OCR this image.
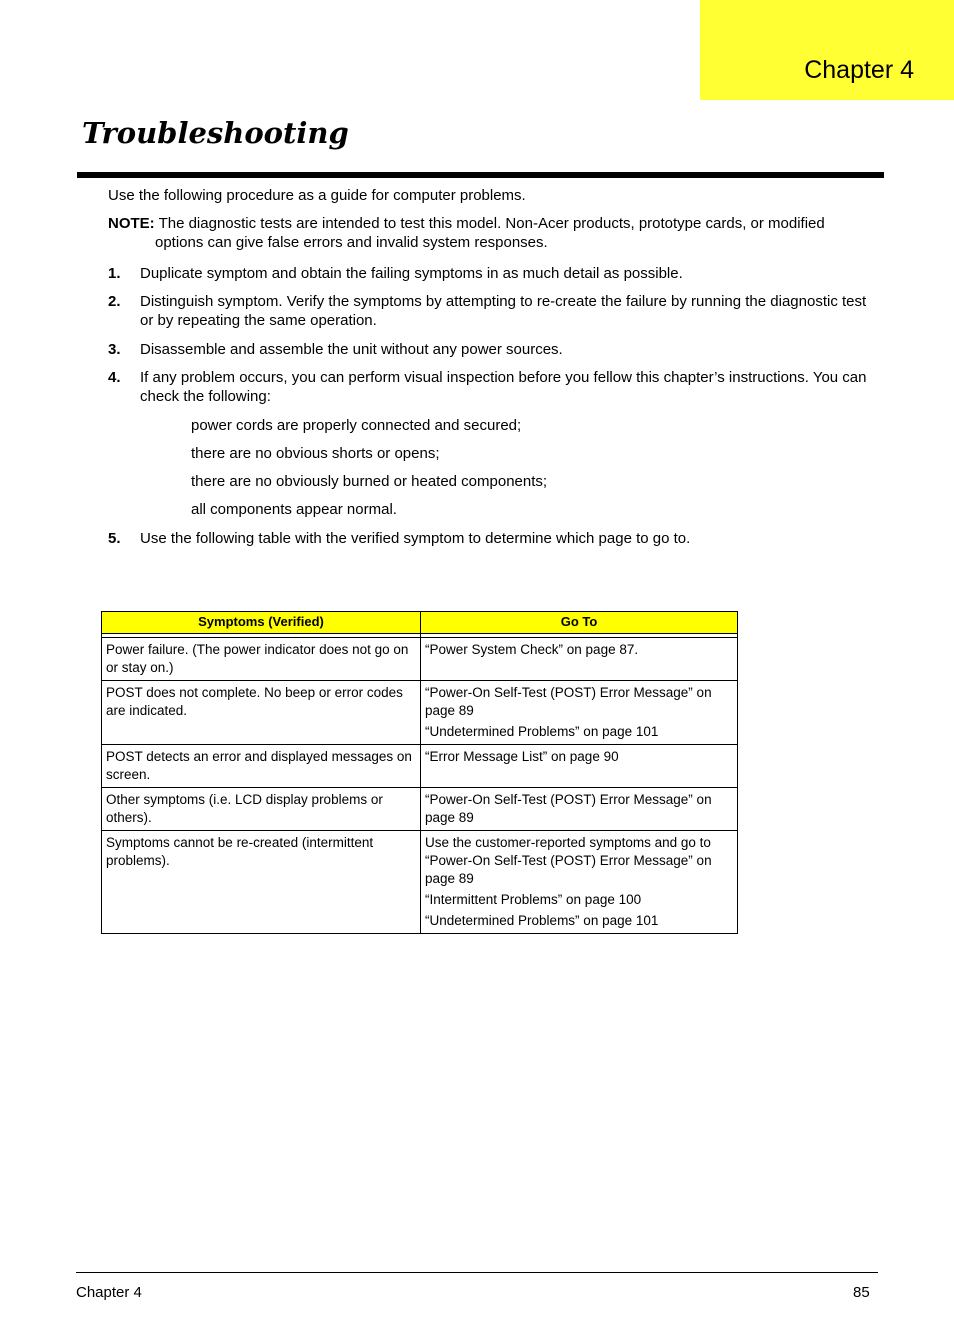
Chapter 4
Troubleshooting

Use the following procedure as a guide for computer problems.

NOTE: The diagnostic tests are intended to test this model. Non-Acer products, prototype cards, or modified
options can give false errors and invalid system responses.

1.	Duplicate symptom and obtain the failing symptoms in as much detail as possible.
2.	Distinguish symptom. Verify the symptoms by attempting to re-create the failure by running the diagnostic test or by repeating the same operation.
3.	Disassemble and assemble the unit without any power sources.
4.	If any problem occurs, you can perform visual inspection before you fellow this chapter’s instructions. You can check the following:
power cords are properly connected and secured;
there are no obvious shorts or opens;
there are no obviously burned or heated components;
all components appear normal.
5.	Use the following table with the verified symptom to determine which page to go to.
Symptoms (Verified)	Go To

Power failure. (The power indicator does not go on or stay on.)	“Power System Check” on page 87.

POST does not complete. No beep or error codes are indicated.	“Power-On Self-Test (POST) Error Message” on page 89
“Undetermined Problems” on page 101

POST detects an error and displayed messages on screen.	“Error Message List” on page 90

Other symptoms (i.e. LCD display problems or others).	“Power-On Self-Test (POST) Error Message” on page 89

Symptoms cannot be re-created (intermittent problems).	Use the customer-reported symptoms and go to “Power-On Self-Test (POST) Error Message” on page 89
“Intermittent Problems” on page 100
“Undetermined Problems” on page 101
Chapter 4	85
